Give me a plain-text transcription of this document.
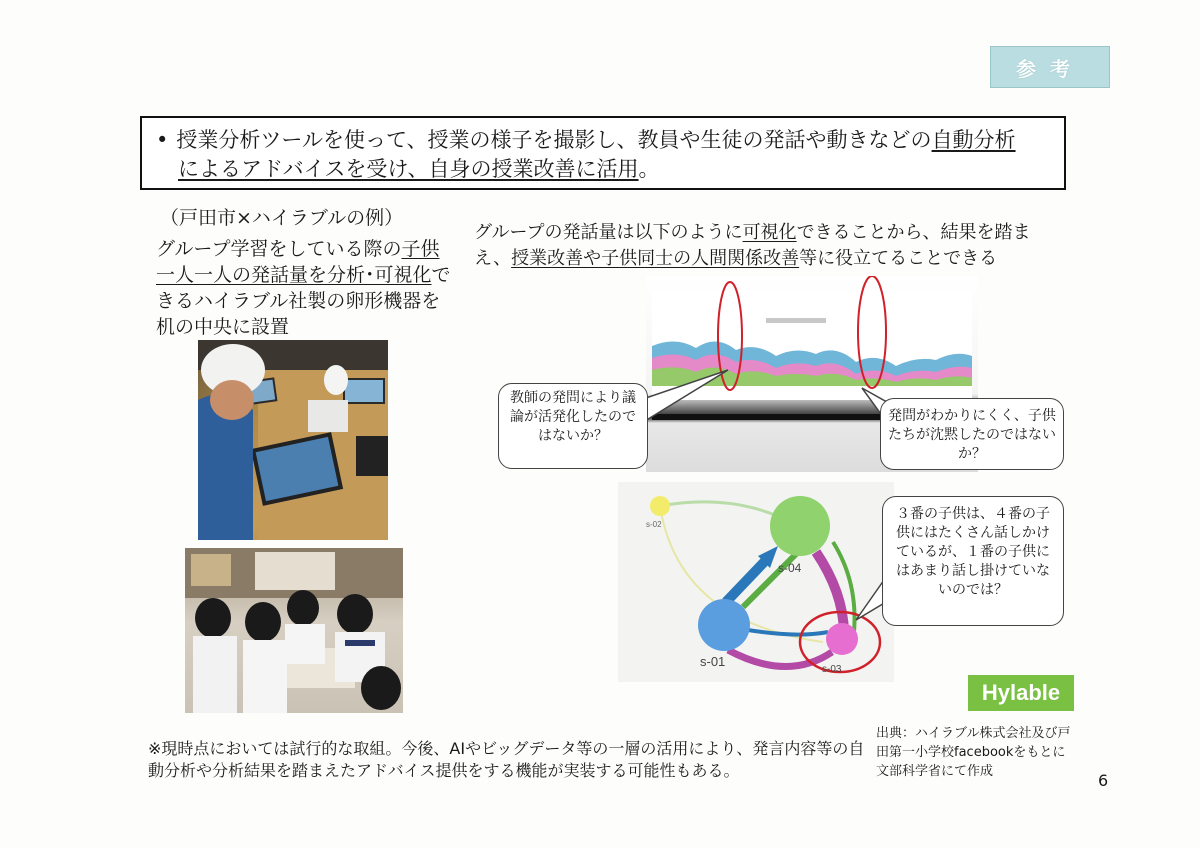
参考
• 授業分析ツールを使って、授業の様子を撮影し、教員や生徒の発話や動きなどの自動分析
によるアドバイスを受け、自身の授業改善に活用。
（戸田市×ハイラブルの例）
グループ学習をしている際の子供一人一人の発話量を分析･可視化できるハイラブル社製の卵形機器を机の中央に設置
グループの発話量は以下のように可視化できることから、結果を踏まえ、授業改善や子供同士の人間関係改善等に役立てることできる
s-02
s-04
s-01
s-03
教師の発問により議論が活発化したのではないか？
発問がわかりにくく、子供たちが沈黙したのではないか？
３番の子供は、４番の子供にはたくさん話しかけているが、１番の子供にはあまり話し掛けていないのでは？
Hylable
出典：ハイラブル株式会社及び戸田第一小学校facebookをもとに文部科学省にて作成
※現時点においては試行的な取組。今後、AIやビッグデータ等の一層の活用により、発言内容等の自動分析や分析結果を踏まえたアドバイス提供をする機能が実装する可能性もある。
6
